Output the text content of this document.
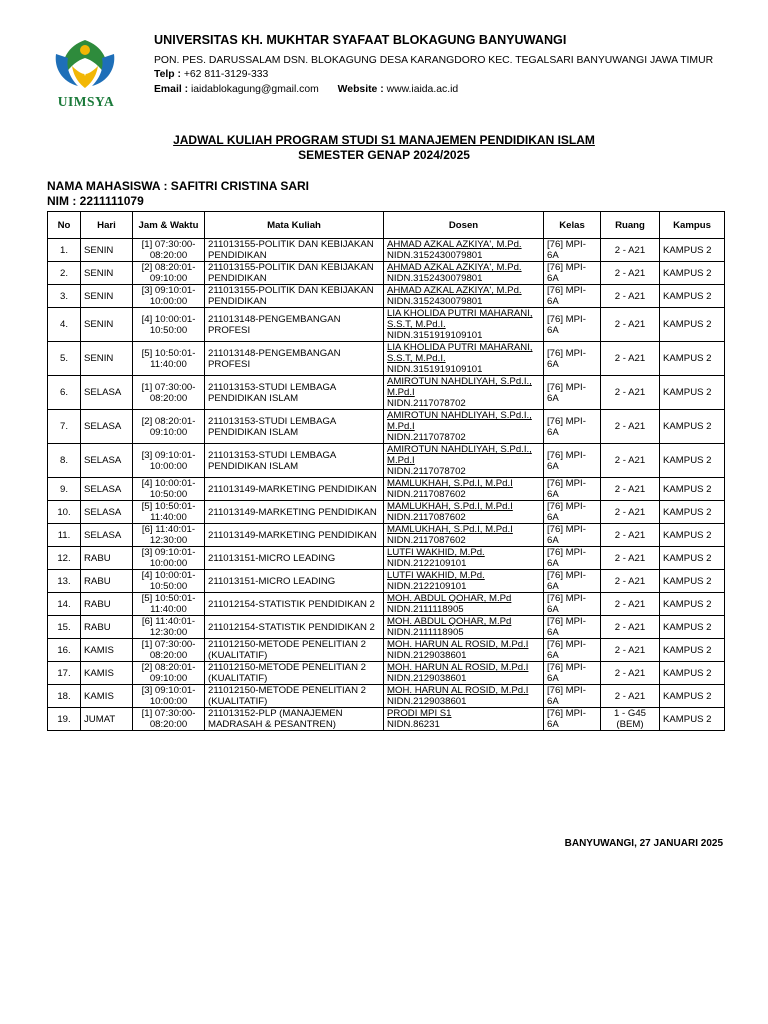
UIMSYA
UNIVERSITAS KH. MUKHTAR SYAFAAT BLOKAGUNG BANYUWANGI
PON. PES. DARUSSALAM DSN. BLOKAGUNG DESA KARANGDORO KEC. TEGALSARI BANYUWANGI JAWA TIMUR
Telp : +62 811-3129-333
Email : iaidablokagung@gmail.com Website : www.iaida.ac.id
JADWAL KULIAH PROGRAM STUDI S1 MANAJEMEN PENDIDIKAN ISLAM
SEMESTER GENAP 2024/2025
NAMA MAHASISWA : SAFITRI CRISTINA SARI
NIM : 2211111079
No	Hari	Jam & Waktu	Mata Kuliah	Dosen	Kelas	Ruang	Kampus
1.	SENIN	[1] 07:30:00-08:20:00	211013155-POLITIK DAN KEBIJAKAN PENDIDIKAN	AHMAD AZKAL AZKIYA', M.Pd.
NIDN.3152430079801	[76] MPI-6A	2 - A21	KAMPUS 2
2.	SENIN	[2] 08:20:01-09:10:00	211013155-POLITIK DAN KEBIJAKAN PENDIDIKAN	AHMAD AZKAL AZKIYA', M.Pd.
NIDN.3152430079801	[76] MPI-6A	2 - A21	KAMPUS 2
3.	SENIN	[3] 09:10:01-10:00:00	211013155-POLITIK DAN KEBIJAKAN PENDIDIKAN	AHMAD AZKAL AZKIYA', M.Pd.
NIDN.3152430079801	[76] MPI-6A	2 - A21	KAMPUS 2
4.	SENIN	[4] 10:00:01-10:50:00	211013148-PENGEMBANGAN PROFESI	LIA KHOLIDA PUTRI MAHARANI, S.S.T, M.Pd.I.
NIDN.3151919109101	[76] MPI-6A	2 - A21	KAMPUS 2
5.	SENIN	[5] 10:50:01-11:40:00	211013148-PENGEMBANGAN PROFESI	LIA KHOLIDA PUTRI MAHARANI, S.S.T, M.Pd.I.
NIDN.3151919109101	[76] MPI-6A	2 - A21	KAMPUS 2
6.	SELASA	[1] 07:30:00-08:20:00	211013153-STUDI LEMBAGA PENDIDIKAN ISLAM	AMIROTUN NAHDLIYAH, S.Pd.I., M.Pd.I
NIDN.2117078702	[76] MPI-6A	2 - A21	KAMPUS 2
7.	SELASA	[2] 08:20:01-09:10:00	211013153-STUDI LEMBAGA PENDIDIKAN ISLAM	AMIROTUN NAHDLIYAH, S.Pd.I., M.Pd.I
NIDN.2117078702	[76] MPI-6A	2 - A21	KAMPUS 2
8.	SELASA	[3] 09:10:01-10:00:00	211013153-STUDI LEMBAGA PENDIDIKAN ISLAM	AMIROTUN NAHDLIYAH, S.Pd.I., M.Pd.I
NIDN.2117078702	[76] MPI-6A	2 - A21	KAMPUS 2
9.	SELASA	[4] 10:00:01-10:50:00	211013149-MARKETING PENDIDIKAN	MAMLUKHAH, S.Pd.I, M.Pd.I
NIDN.2117087602	[76] MPI-6A	2 - A21	KAMPUS 2
10.	SELASA	[5] 10:50:01-11:40:00	211013149-MARKETING PENDIDIKAN	MAMLUKHAH, S.Pd.I, M.Pd.I
NIDN.2117087602	[76] MPI-6A	2 - A21	KAMPUS 2
11.	SELASA	[6] 11:40:01-12:30:00	211013149-MARKETING PENDIDIKAN	MAMLUKHAH, S.Pd.I, M.Pd.I
NIDN.2117087602	[76] MPI-6A	2 - A21	KAMPUS 2
12.	RABU	[3] 09:10:01-10:00:00	211013151-MICRO LEADING	LUTFI WAKHID, M.Pd.
NIDN.2122109101	[76] MPI-6A	2 - A21	KAMPUS 2
13.	RABU	[4] 10:00:01-10:50:00	211013151-MICRO LEADING	LUTFI WAKHID, M.Pd.
NIDN.2122109101	[76] MPI-6A	2 - A21	KAMPUS 2
14.	RABU	[5] 10:50:01-11:40:00	211012154-STATISTIK PENDIDIKAN 2	MOH. ABDUL QOHAR, M.Pd
NIDN.2111118905	[76] MPI-6A	2 - A21	KAMPUS 2
15.	RABU	[6] 11:40:01-12:30:00	211012154-STATISTIK PENDIDIKAN 2	MOH. ABDUL QOHAR, M.Pd
NIDN.2111118905	[76] MPI-6A	2 - A21	KAMPUS 2
16.	KAMIS	[1] 07:30:00-08:20:00	211012150-METODE PENELITIAN 2 (KUALITATIF)	MOH. HARUN AL ROSID, M.Pd.I
NIDN.2129038601	[76] MPI-6A	2 - A21	KAMPUS 2
17.	KAMIS	[2] 08:20:01-09:10:00	211012150-METODE PENELITIAN 2 (KUALITATIF)	MOH. HARUN AL ROSID, M.Pd.I
NIDN.2129038601	[76] MPI-6A	2 - A21	KAMPUS 2
18.	KAMIS	[3] 09:10:01-10:00:00	211012150-METODE PENELITIAN 2 (KUALITATIF)	MOH. HARUN AL ROSID, M.Pd.I
NIDN.2129038601	[76] MPI-6A	2 - A21	KAMPUS 2
19.	JUMAT	[1] 07:30:00-08:20:00	211013152-PLP (MANAJEMEN MADRASAH & PESANTREN)	PRODI MPI S1
NIDN.86231	[76] MPI-6A	1 - G45 (BEM)	KAMPUS 2
BANYUWANGI, 27 JANUARI 2025
